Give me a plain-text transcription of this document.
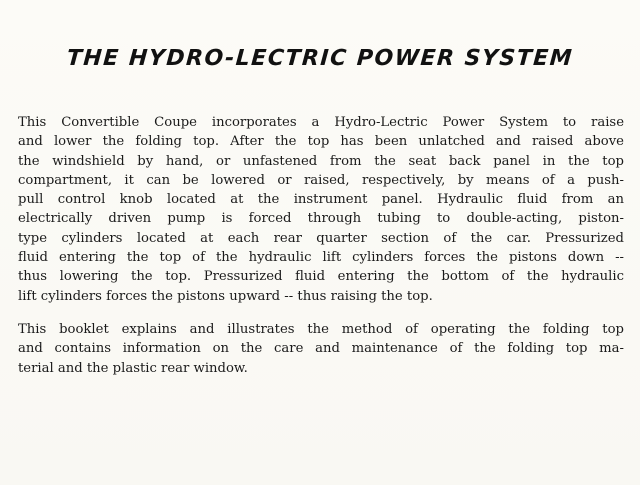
THE HYDRO-LECTRIC POWER SYSTEM

This Convertible Coupe incorporates a Hydro-Lectric Power System to raise
and lower the folding top. After the top has been unlatched and raised above
the windshield by hand, or unfastened from the seat back panel in the top
compartment, it can be lowered or raised, respectively, by means of a push-
pull control knob located at the instrument panel. Hydraulic fluid from an
electrically driven pump is forced through tubing to double-acting, piston-
type cylinders located at each rear quarter section of the car. Pressurized
fluid entering the top of the hydraulic lift cylinders forces the pistons down --
thus lowering the top. Pressurized fluid entering the bottom of the hydraulic
lift cylinders forces the pistons upward -- thus raising the top.

This booklet explains and illustrates the method of operating the folding top
and contains information on the care and maintenance of the folding top ma-
terial and the plastic rear window.
